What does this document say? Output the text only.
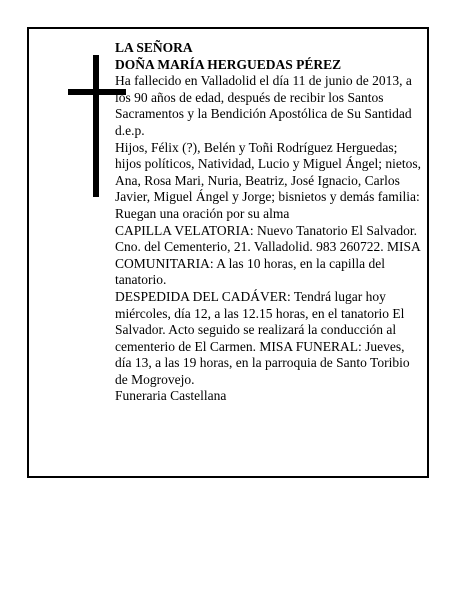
LA SEÑORA

DOÑA MARÍA HERGUEDAS PÉREZ

Ha fallecido en Valladolid el día 11 de junio de 2013, a los 90 años de edad, después de recibir los Santos Sacramentos y la Bendición Apostólica de Su Santidad d.e.p.

Hijos, Félix (?), Belén y Toñi Rodríguez Herguedas; hijos políticos, Natividad, Lucio y Miguel Ángel; nietos, Ana, Rosa Mari, Nuria, Beatriz, José Ignacio, Carlos Javier, Miguel Ángel y Jorge; bisnietos y demás familia:

Ruegan una oración por su alma

CAPILLA VELATORIA: Nuevo Tanatorio El Salvador. Cno. del Cementerio, 21. Valladolid. 983 260722. MISA COMUNITARIA: A las 10 horas, en la capilla del tanatorio.

DESPEDIDA DEL CADÁVER: Tendrá lugar hoy miércoles, día 12, a las 12.15 horas, en el tanatorio El Salvador. Acto seguido se realizará la conducción al cementerio de El Carmen. MISA FUNERAL: Jueves, día 13, a las 19 horas, en la parroquia de Santo Toribio de Mogrovejo.

Funeraria Castellana
